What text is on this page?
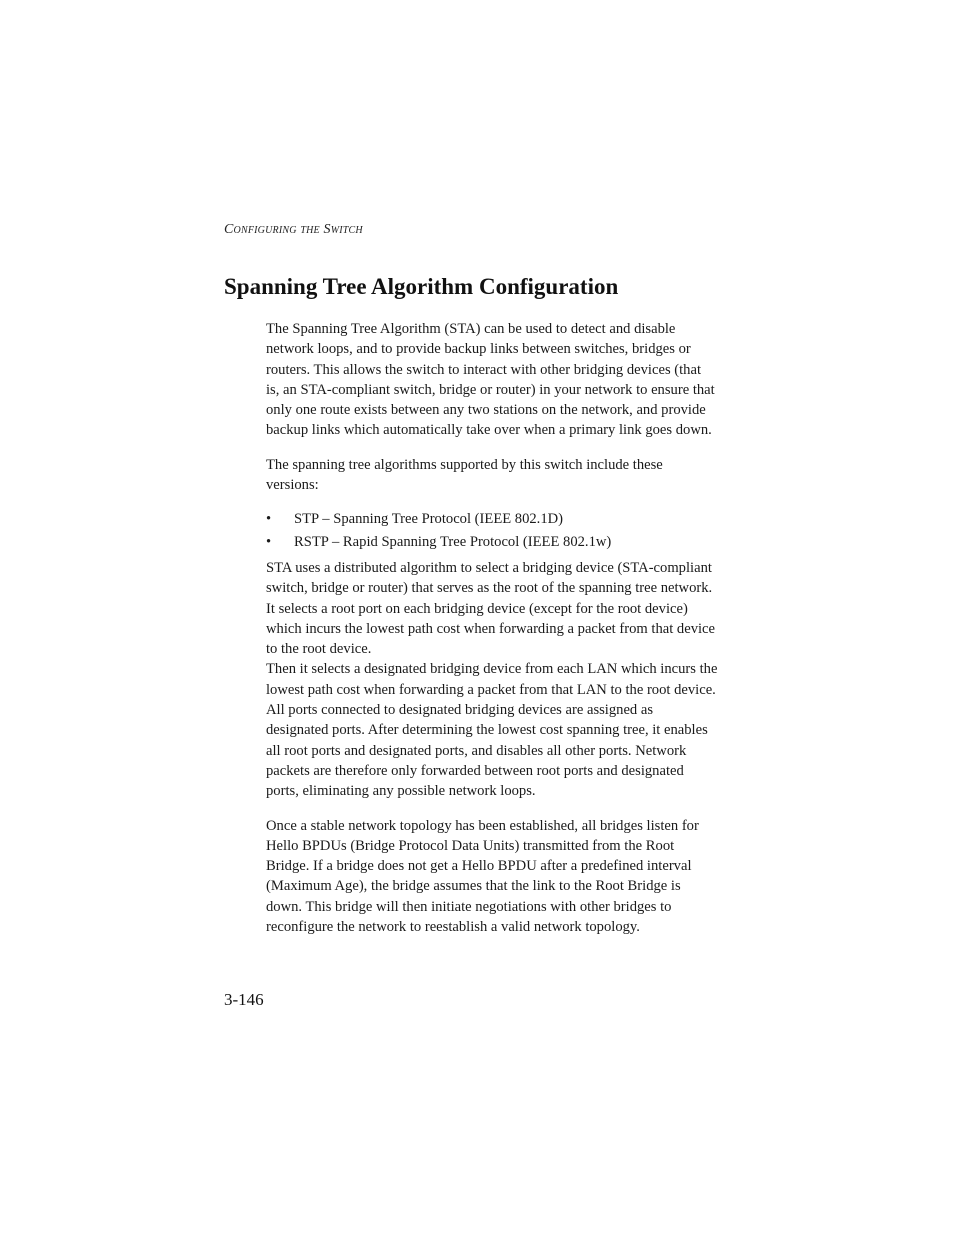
Configuring the Switch
Spanning Tree Algorithm Configuration

The Spanning Tree Algorithm (STA) can be used to detect and disable network loops, and to provide backup links between switches, bridges or routers. This allows the switch to interact with other bridging devices (that is, an STA-compliant switch, bridge or router) in your network to ensure that only one route exists between any two stations on the network, and provide backup links which automatically take over when a primary link goes down.

The spanning tree algorithms supported by this switch include these versions:

• STP – Spanning Tree Protocol (IEEE 802.1D)
• RSTP – Rapid Spanning Tree Protocol (IEEE 802.1w)

STA uses a distributed algorithm to select a bridging device (STA-compliant switch, bridge or router) that serves as the root of the spanning tree network. It selects a root port on each bridging device (except for the root device) which incurs the lowest path cost when forwarding a packet from that device to the root device.

Then it selects a designated bridging device from each LAN which incurs the lowest path cost when forwarding a packet from that LAN to the root device. All ports connected to designated bridging devices are assigned as designated ports. After determining the lowest cost spanning tree, it enables all root ports and designated ports, and disables all other ports. Network packets are therefore only forwarded between root ports and designated ports, eliminating any possible network loops.

Once a stable network topology has been established, all bridges listen for Hello BPDUs (Bridge Protocol Data Units) transmitted from the Root Bridge. If a bridge does not get a Hello BPDU after a predefined interval (Maximum Age), the bridge assumes that the link to the Root Bridge is down. This bridge will then initiate negotiations with other bridges to reconfigure the network to reestablish a valid network topology.

3-146
